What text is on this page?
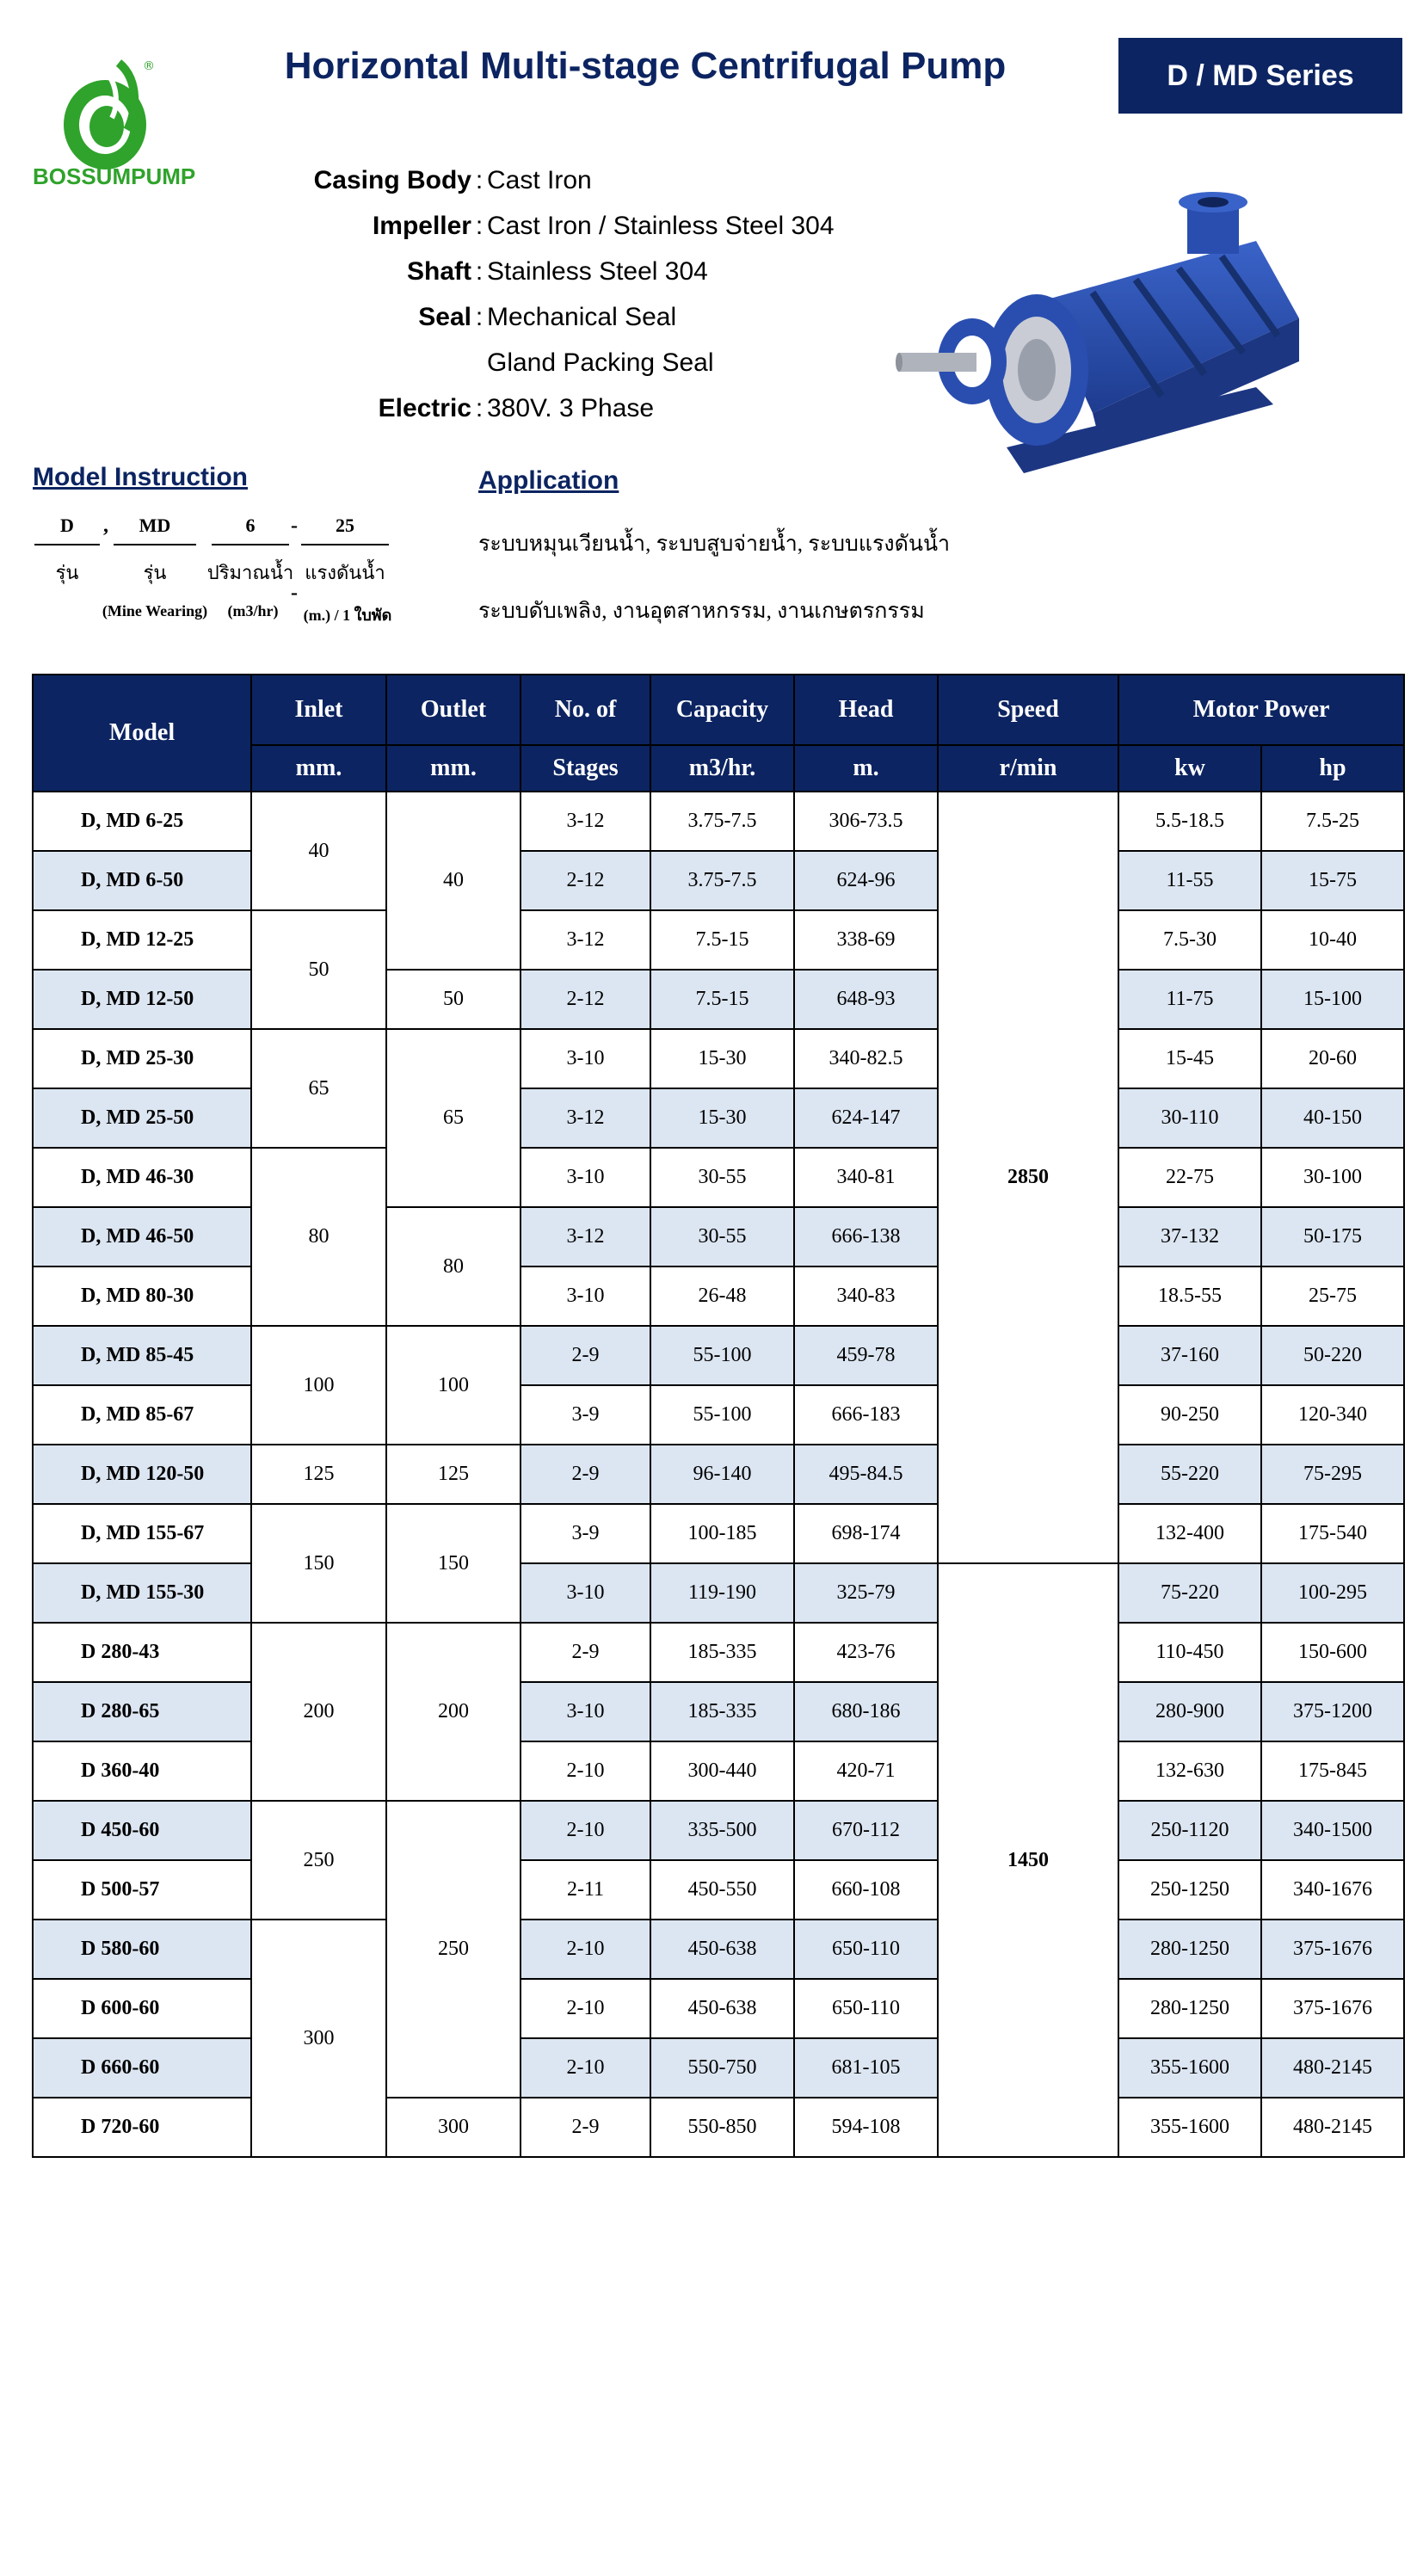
®
BOSSUMPUMP
Horizontal Multi-stage Centrifugal Pump	D / MD Series
Casing Body : Cast Iron
Impeller : Cast Iron / Stainless Steel 304
Shaft : Stainless Steel 304
Seal : Mechanical Seal
Gland Packing Seal
Electric : 380V. 3 Phase
Model Instruction
D	,	MD	6	-	25
รุ่น	รุ่น	ปริมาณน้ำ
-
แรงดันน้ำ
(Mine Wearing)	(m3/hr)	(m.) / 1 ใบพัด
Application
ระบบหมุนเวียนน้ำ, ระบบสูบจ่ายน้ำ, ระบบแรงดันน้ำ
ระบบดับเพลิง, งานอุตสาหกรรม, งานเกษตรกรรม
Model	Inlet	Outlet	No. of	Capacity	Head	Speed	Motor Power	
	mm.	mm.	Stages	m3/hr.	m.	r/min	kw	hp
D, MD 6-25	40	40	3-12	3.75-7.5	306-73.5	2850	5.5-18.5	7.5-25
D, MD 6-50			2-12	3.75-7.5	624-96		11-55	15-75
D, MD 12-25	50		3-12	7.5-15	338-69		7.5-30	10-40
D, MD 12-50		50	2-12	7.5-15	648-93		11-75	15-100
D, MD 25-30	65	65	3-10	15-30	340-82.5		15-45	20-60
D, MD 25-50			3-12	15-30	624-147		30-110	40-150
D, MD 46-30	80		3-10	30-55	340-81		22-75	30-100
D, MD 46-50		80	3-12	30-55	666-138		37-132	50-175
D, MD 80-30			3-10	26-48	340-83		18.5-55	25-75
D, MD 85-45	100	100	2-9	55-100	459-78		37-160	50-220
D, MD 85-67			3-9	55-100	666-183		90-250	120-340
D, MD 120-50	125	125	2-9	96-140	495-84.5		55-220	75-295
D, MD 155-67	150	150	3-9	100-185	698-174		132-400	175-540
D, MD 155-30			3-10	119-190	325-79	1450	75-220	100-295
D 280-43	200	200	2-9	185-335	423-76		110-450	150-600
D 280-65			3-10	185-335	680-186		280-900	375-1200
D 360-40			2-10	300-440	420-71		132-630	175-845
D 450-60	250	250	2-10	335-500	670-112		250-1120	340-1500
D 500-57			2-11	450-550	660-108		250-1250	340-1676
D 580-60	300		2-10	450-638	650-110		280-1250	375-1676
D 600-60			2-10	450-638	650-110		280-1250	375-1676
D 660-60			2-10	550-750	681-105		355-1600	480-2145
D 720-60		300	2-9	550-850	594-108		355-1600	480-2145
